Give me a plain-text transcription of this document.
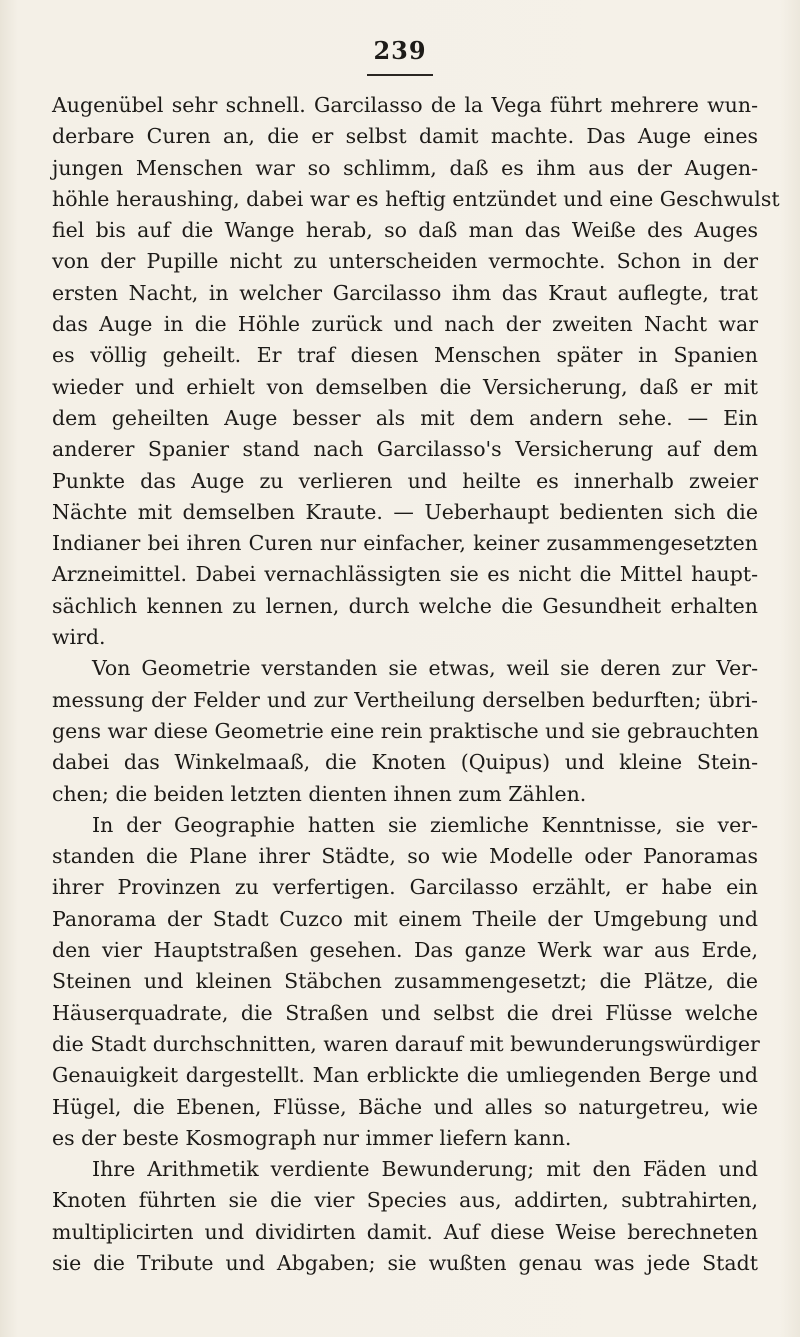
239
Augenübel sehr schnell. Garcilasso de la Vega führt mehrere wun-
derbare Curen an, die er selbst damit machte. Das Auge eines
jungen Menschen war so schlimm, daß es ihm aus der Augen-
höhle heraushing, dabei war es heftig entzündet und eine Geschwulst
fiel bis auf die Wange herab, so daß man das Weiße des Auges
von der Pupille nicht zu unterscheiden vermochte. Schon in der
ersten Nacht, in welcher Garcilasso ihm das Kraut auflegte, trat
das Auge in die Höhle zurück und nach der zweiten Nacht war
es völlig geheilt. Er traf diesen Menschen später in Spanien
wieder und erhielt von demselben die Versicherung, daß er mit
dem geheilten Auge besser als mit dem andern sehe. — Ein
anderer Spanier stand nach Garcilasso's Versicherung auf dem
Punkte das Auge zu verlieren und heilte es innerhalb zweier
Nächte mit demselben Kraute. — Ueberhaupt bedienten sich die
Indianer bei ihren Curen nur einfacher, keiner zusammengesetzten
Arzneimittel. Dabei vernachlässigten sie es nicht die Mittel haupt-
sächlich kennen zu lernen, durch welche die Gesundheit erhalten
wird.
Von Geometrie verstanden sie etwas, weil sie deren zur Ver-
messung der Felder und zur Vertheilung derselben bedurften; übri-
gens war diese Geometrie eine rein praktische und sie gebrauchten
dabei das Winkelmaaß, die Knoten (Quipus) und kleine Stein-
chen; die beiden letzten dienten ihnen zum Zählen.
In der Geographie hatten sie ziemliche Kenntnisse, sie ver-
standen die Plane ihrer Städte, so wie Modelle oder Panoramas
ihrer Provinzen zu verfertigen. Garcilasso erzählt, er habe ein
Panorama der Stadt Cuzco mit einem Theile der Umgebung und
den vier Hauptstraßen gesehen. Das ganze Werk war aus Erde,
Steinen und kleinen Stäbchen zusammengesetzt; die Plätze, die
Häuserquadrate, die Straßen und selbst die drei Flüsse welche
die Stadt durchschnitten, waren darauf mit bewunderungswürdiger
Genauigkeit dargestellt. Man erblickte die umliegenden Berge und
Hügel, die Ebenen, Flüsse, Bäche und alles so naturgetreu, wie
es der beste Kosmograph nur immer liefern kann.
Ihre Arithmetik verdiente Bewunderung; mit den Fäden und
Knoten führten sie die vier Species aus, addirten, subtrahirten,
multiplicirten und dividirten damit. Auf diese Weise berechneten
sie die Tribute und Abgaben; sie wußten genau was jede Stadt
